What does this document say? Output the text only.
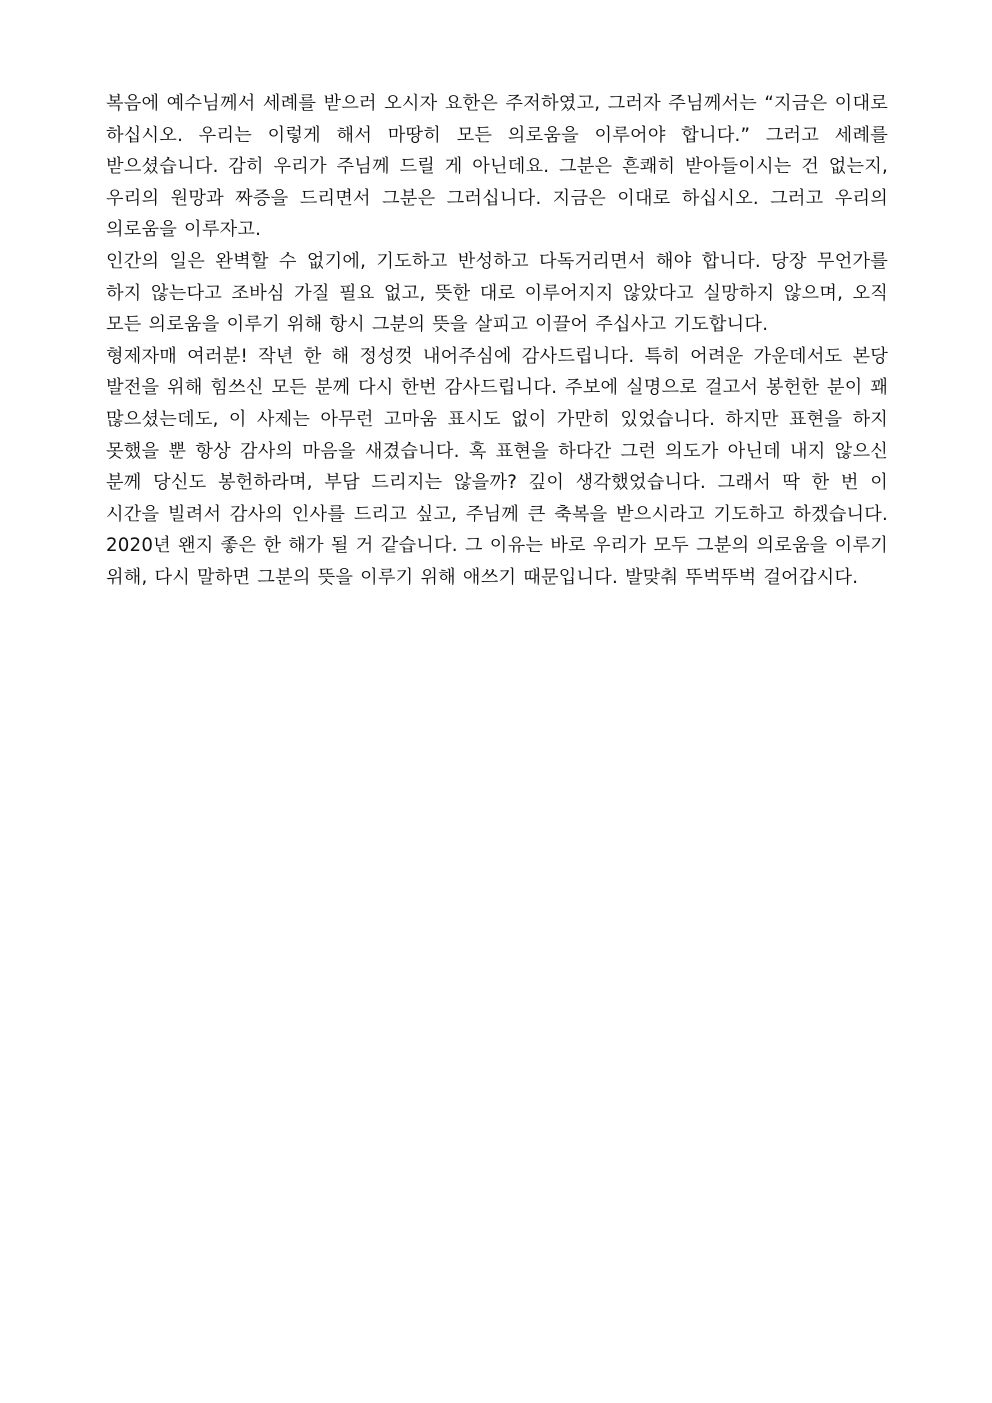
복음에 예수님께서 세례를 받으러 오시자 요한은 주저하였고, 그러자 주님께서는 “지금은 이대로 하십시오. 우리는 이렇게 해서 마땅히 모든 의로움을 이루어야 합니다.” 그러고 세례를 받으셨습니다. 감히 우리가 주님께 드릴 게 아닌데요. 그분은 흔쾌히 받아들이시는 건 없는지, 우리의 원망과 짜증을 드리면서 그분은 그러십니다. 지금은 이대로 하십시오. 그러고 우리의 의로움을 이루자고.

인간의 일은 완벽할 수 없기에, 기도하고 반성하고 다독거리면서 해야 합니다. 당장 무언가를 하지 않는다고 조바심 가질 필요 없고, 뜻한 대로 이루어지지 않았다고 실망하지 않으며, 오직 모든 의로움을 이루기 위해 항시 그분의 뜻을 살피고 이끌어 주십사고 기도합니다.

형제자매 여러분! 작년 한 해 정성껏 내어주심에 감사드립니다. 특히 어려운 가운데서도 본당 발전을 위해 힘쓰신 모든 분께 다시 한번 감사드립니다. 주보에 실명으로 걸고서 봉헌한 분이 꽤 많으셨는데도, 이 사제는 아무런 고마움 표시도 없이 가만히 있었습니다. 하지만 표현을 하지 못했을 뿐 항상 감사의 마음을 새겼습니다. 혹 표현을 하다간 그런 의도가 아닌데 내지 않으신 분께 당신도 봉헌하라며, 부담 드리지는 않을까? 깊이 생각했었습니다. 그래서 딱 한 번 이 시간을 빌려서 감사의 인사를 드리고 싶고, 주님께 큰 축복을 받으시라고 기도하고 하겠습니다. 2020년 왠지 좋은 한 해가 될 거 같습니다. 그 이유는 바로 우리가 모두 그분의 의로움을 이루기 위해, 다시 말하면 그분의 뜻을 이루기 위해 애쓰기 때문입니다. 발맞춰 뚜벅뚜벅 걸어갑시다.
